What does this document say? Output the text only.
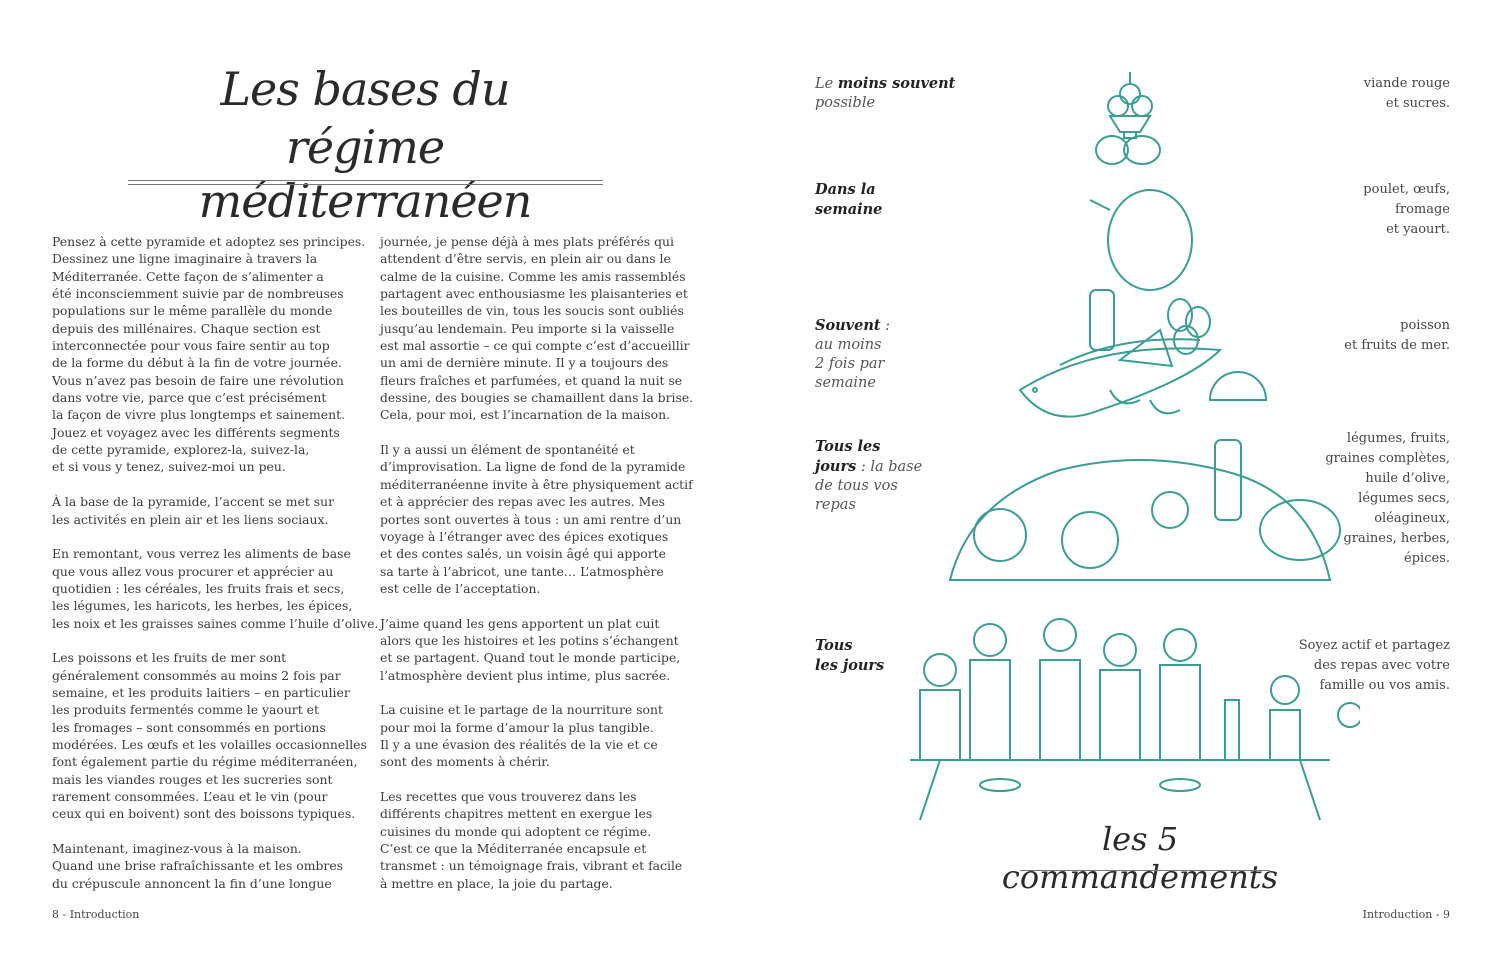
Les bases du
régime méditerranéen

Pensez à cette pyramide et adoptez ses principes.
Dessinez une ligne imaginaire à travers la
Méditerranée. Cette façon de s’alimenter a
été inconsciemment suivie par de nombreuses
populations sur le même parallèle du monde
depuis des millénaires. Chaque section est
interconnectée pour vous faire sentir au top
de la forme du début à la fin de votre journée.
Vous n’avez pas besoin de faire une révolution
dans votre vie, parce que c’est précisément
la façon de vivre plus longtemps et sainement.
Jouez et voyagez avec les différents segments
de cette pyramide, explorez-la, suivez-la,
et si vous y tenez, suivez-moi un peu.

À la base de la pyramide, l’accent se met sur
les activités en plein air et les liens sociaux.

En remontant, vous verrez les aliments de base
que vous allez vous procurer et apprécier au
quotidien : les céréales, les fruits frais et secs,
les légumes, les haricots, les herbes, les épices,
les noix et les graisses saines comme l’huile d’olive.

Les poissons et les fruits de mer sont
généralement consommés au moins 2 fois par
semaine, et les produits laitiers – en particulier
les produits fermentés comme le yaourt et
les fromages – sont consommés en portions
modérées. Les œufs et les volailles occasionnelles
font également partie du régime méditerranéen,
mais les viandes rouges et les sucreries sont
rarement consommées. L’eau et le vin (pour
ceux qui en boivent) sont des boissons typiques.

Maintenant, imaginez-vous à la maison.
Quand une brise rafraîchissante et les ombres
du crépuscule annoncent la fin d’une longue

journée, je pense déjà à mes plats préférés qui
attendent d’être servis, en plein air ou dans le
calme de la cuisine. Comme les amis rassemblés
partagent avec enthousiasme les plaisanteries et
les bouteilles de vin, tous les soucis sont oubliés
jusqu’au lendemain. Peu importe si la vaisselle
est mal assortie – ce qui compte c’est d’accueillir
un ami de dernière minute. Il y a toujours des
fleurs fraîches et parfumées, et quand la nuit se
dessine, des bougies se chamaillent dans la brise.
Cela, pour moi, est l’incarnation de la maison.

Il y a aussi un élément de spontanéité et
d’improvisation. La ligne de fond de la pyramide
méditerranéenne invite à être physiquement actif
et à apprécier des repas avec les autres. Mes
portes sont ouvertes à tous : un ami rentre d’un
voyage à l’étranger avec des épices exotiques
et des contes salés, un voisin âgé qui apporte
sa tarte à l’abricot, une tante… L’atmosphère
est celle de l’acceptation.

J’aime quand les gens apportent un plat cuit
alors que les histoires et les potins s’échangent
et se partagent. Quand tout le monde participe,
l’atmosphère devient plus intime, plus sacrée.

La cuisine et le partage de la nourriture sont
pour moi la forme d’amour la plus tangible.
Il y a une évasion des réalités de la vie et ce
sont des moments à chérir.

Les recettes que vous trouverez dans les
différents chapitres mettent en exergue les
cuisines du monde qui adoptent ce régime.
C’est ce que la Méditerranée encapsule et
transmet : un témoignage frais, vibrant et facile
à mettre en place, la joie du partage.

8 - Introduction	Introduction - 9
Le moins souvent
possible
Dans la
semaine
Souvent :
au moins
2 fois par
semaine
Tous les
jours : la base
de tous vos
repas
Tous
les jours
viande rouge
et sucres.
poulet, œufs,
fromage
et yaourt.
poisson
et fruits de mer.
légumes, fruits,
graines complètes,
huile d’olive,
légumes secs,
oléagineux,
graines, herbes,
épices.
Soyez actif et partagez
des repas avec votre
famille ou vos amis.
les 5 commandements
